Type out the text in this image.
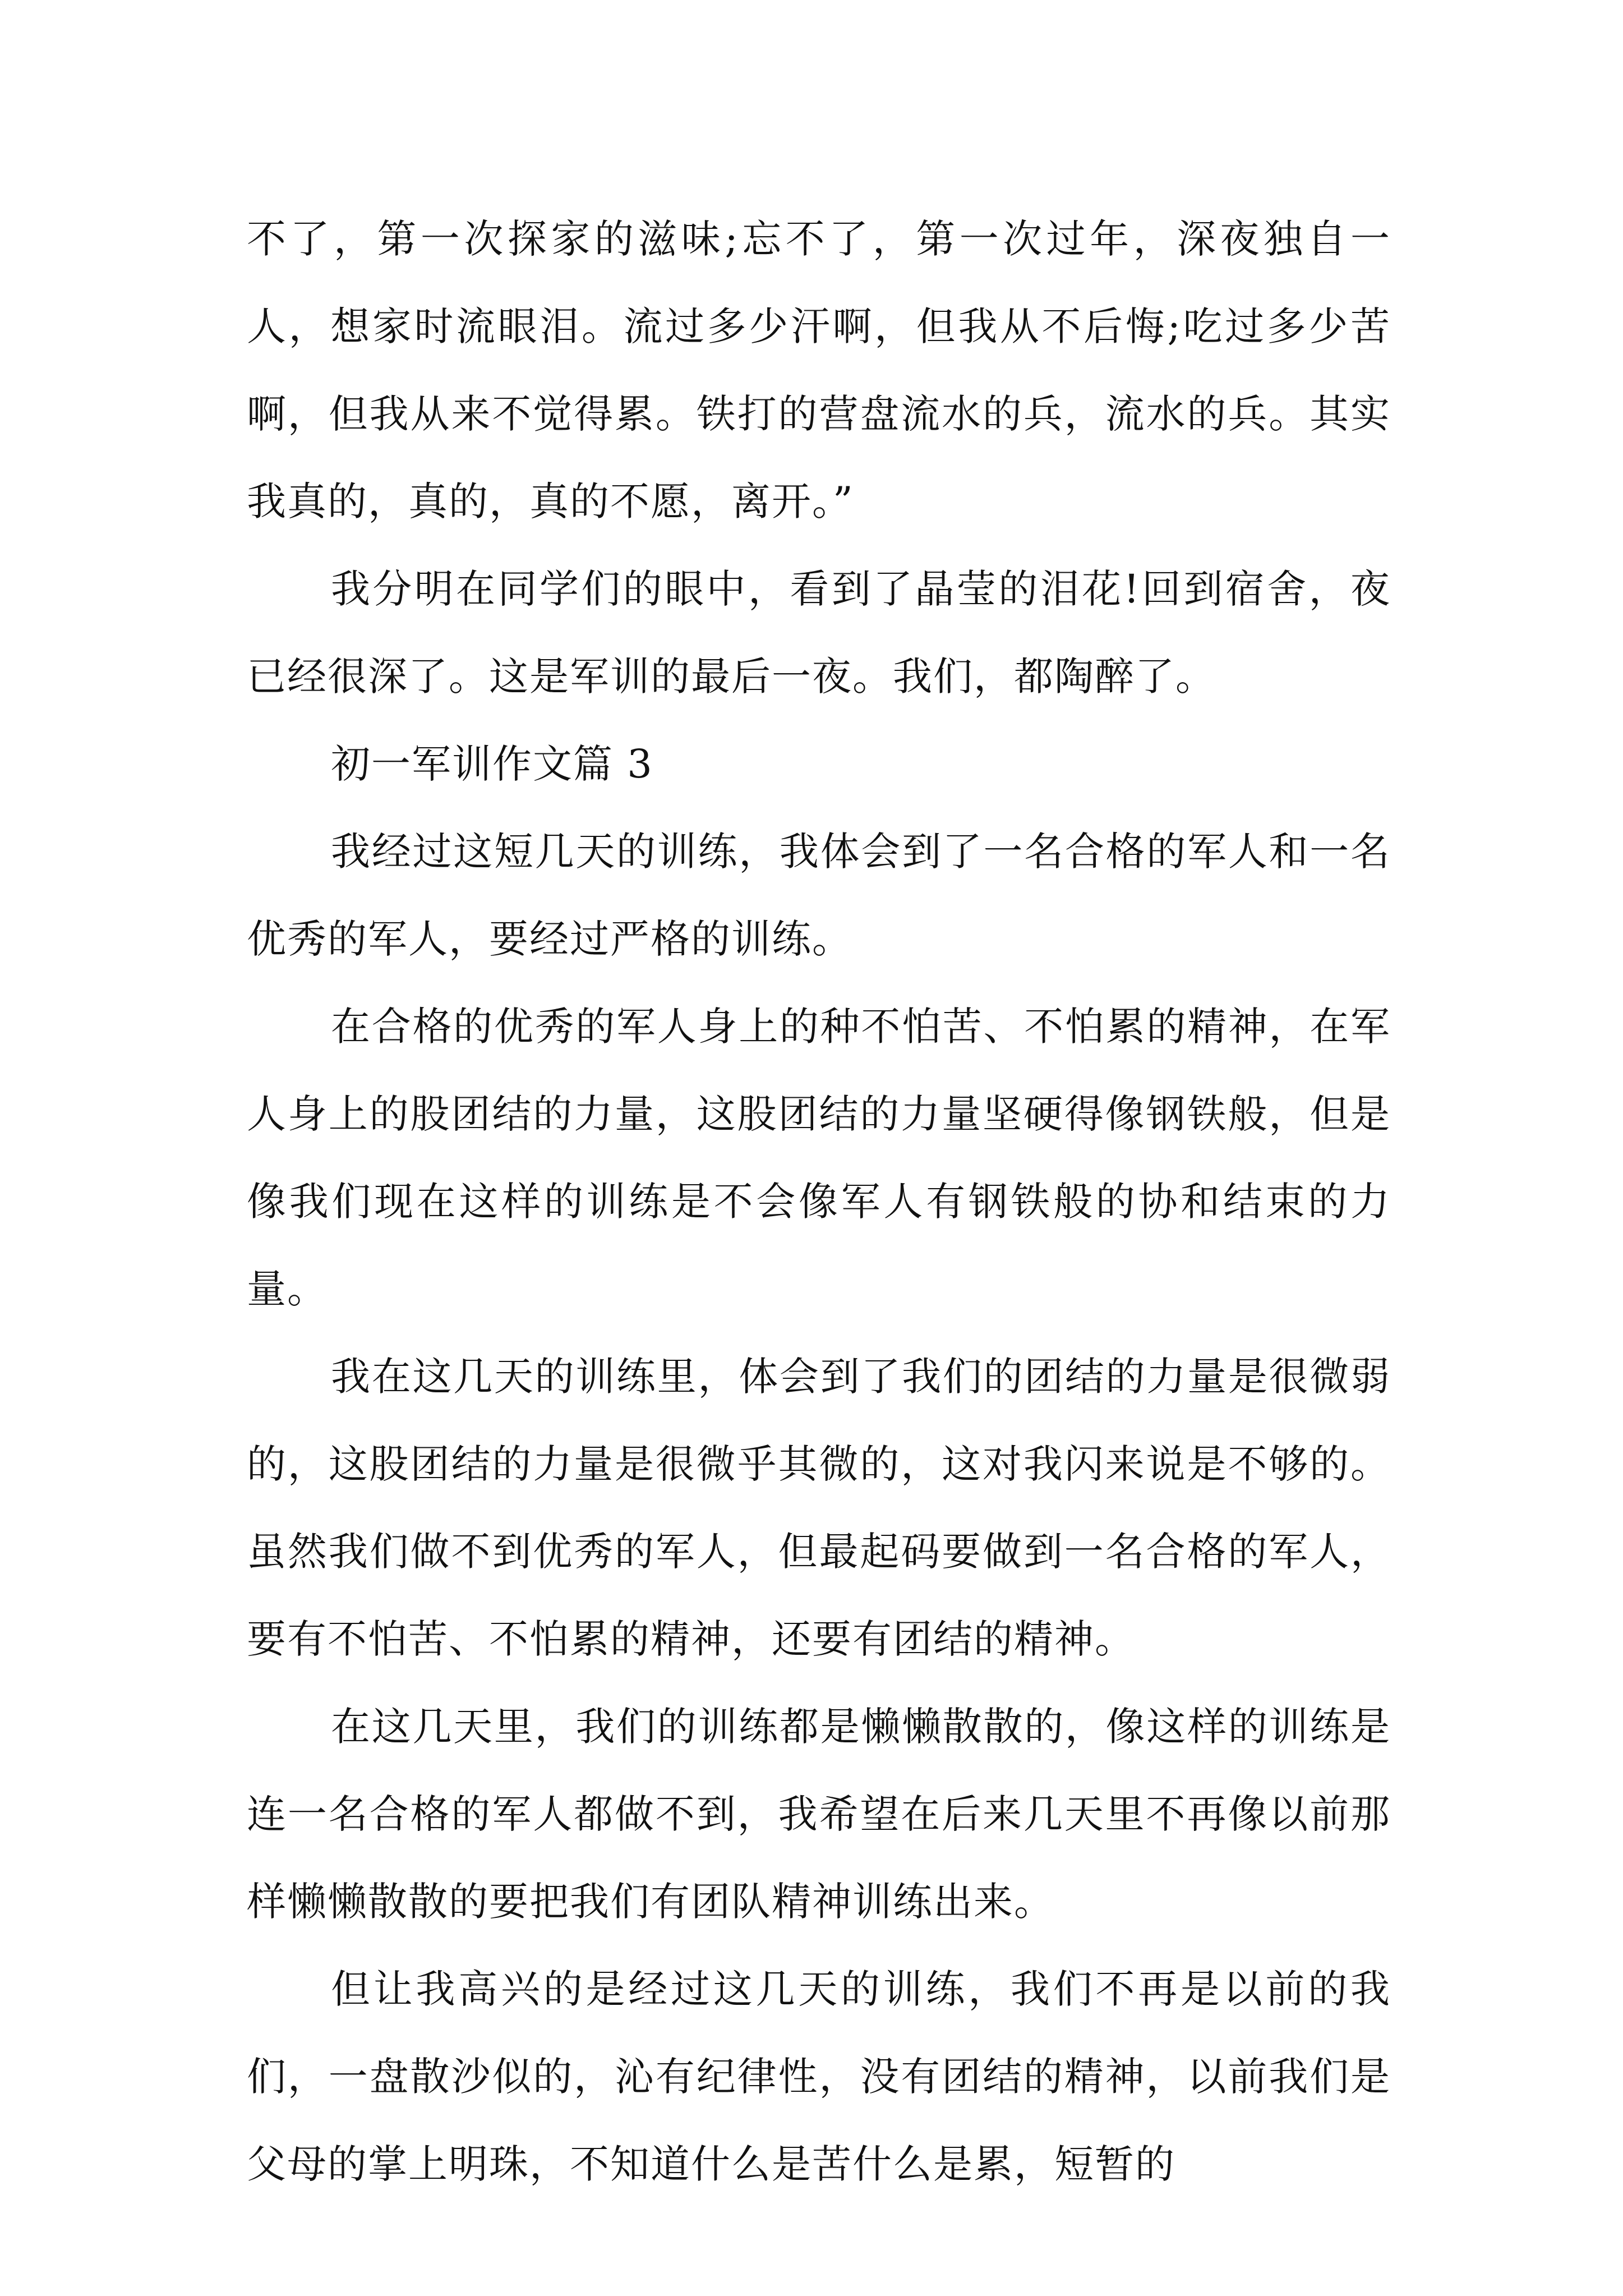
不了，第一次探家的滋味;忘不了，第一次过年，深夜独自一人，想家时流眼泪。流过多少汗啊，但我从不后悔;吃过多少苦啊，但我从来不觉得累。铁打的营盘流水的兵，流水的兵。其实我真的，真的，真的不愿，离开。”

我分明在同学们的眼中，看到了晶莹的泪花!回到宿舍，夜已经很深了。这是军训的最后一夜。我们，都陶醉了。

初一军训作文篇 3

我经过这短几天的训练，我体会到了一名合格的军人和一名优秀的军人，要经过严格的训练。

在合格的优秀的军人身上的种不怕苦、不怕累的精神，在军人身上的股团结的力量，这股团结的力量坚硬得像钢铁般，但是像我们现在这样的训练是不会像军人有钢铁般的协和结束的力量。

我在这几天的训练里，体会到了我们的团结的力量是很微弱的，这股团结的力量是很微乎其微的，这对我闪来说是不够的。虽然我们做不到优秀的军人，但最起码要做到一名合格的军人，要有不怕苦、不怕累的精神，还要有团结的精神。

在这几天里，我们的训练都是懒懒散散的，像这样的训练是连一名合格的军人都做不到，我希望在后来几天里不再像以前那样懒懒散散的要把我们有团队精神训练出来。

但让我高兴的是经过这几天的训练，我们不再是以前的我们，一盘散沙似的，沁有纪律性，没有团结的精神，以前我们是父母的掌上明珠，不知道什么是苦什么是累，短暂的
